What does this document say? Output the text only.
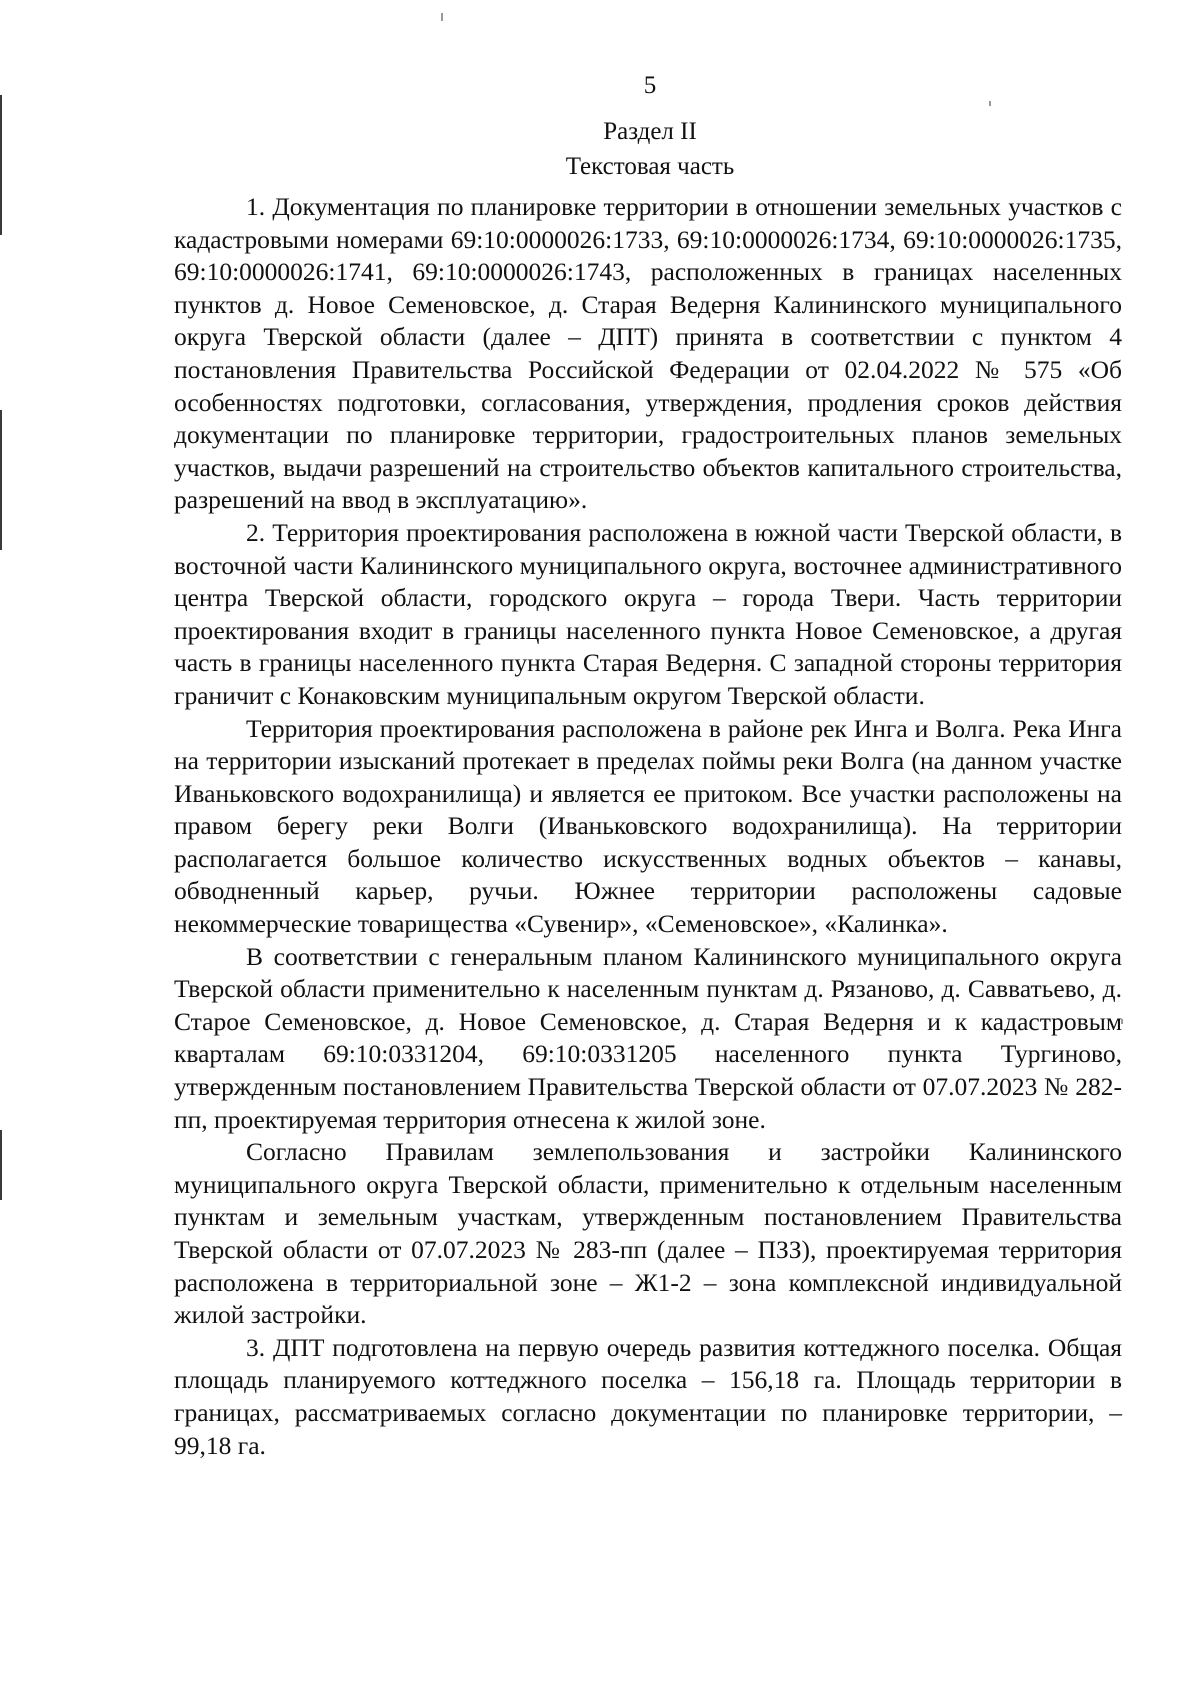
5
Раздел II
Текстовая часть

1. Документация по планировке территории в отношении земельных участков с кадастровыми номерами 69:10:0000026:1733, 69:10:0000026:1734, 69:10:0000026:1735, 69:10:0000026:1741, 69:10:0000026:1743, расположенных в границах населенных пунктов д. Новое Семеновское, д. Старая Ведерня Калининского муниципального округа Тверской области (далее – ДПТ) принята в соответствии с пунктом 4 постановления Правительства Российской Федерации от 02.04.2022 № 575 «Об особенностях подготовки, согласования, утверждения, продления сроков действия документации по планировке территории, градостроительных планов земельных участков, выдачи разрешений на строительство объектов капитального строительства, разрешений на ввод в эксплуатацию».

2. Территория проектирования расположена в южной части Тверской области, в восточной части Калининского муниципального округа, восточнее административного центра Тверской области, городского округа – города Твери. Часть территории проектирования входит в границы населенного пункта Новое Семеновское, а другая часть в границы населенного пункта Старая Ведерня. С западной стороны территория граничит с Конаковским муниципальным округом Тверской области.

Территория проектирования расположена в районе рек Инга и Волга. Река Инга на территории изысканий протекает в пределах поймы реки Волга (на данном участке Иваньковского водохранилища) и является ее притоком. Все участки расположены на правом берегу реки Волги (Иваньковского водохранилища). На территории располагается большое количество искусственных водных объектов – канавы, обводненный карьер, ручьи. Южнее территории расположены садовые некоммерческие товарищества «Сувенир», «Семеновское», «Калинка».

В соответствии с генеральным планом Калининского муниципального округа Тверской области применительно к населенным пунктам д. Рязаново, д. Савватьево, д. Старое Семеновское, д. Новое Семеновское, д. Старая Ведерня и к кадастровым кварталам 69:10:0331204, 69:10:0331205 населенного пункта Тургиново, утвержденным постановлением Правительства Тверской области от 07.07.2023 № 282-пп, проектируемая территория отнесена к жилой зоне.

Согласно Правилам землепользования и застройки Калининского муниципального округа Тверской области, применительно к отдельным населенным пунктам и земельным участкам, утвержденным постановлением Правительства Тверской области от 07.07.2023 № 283-пп (далее – ПЗЗ), проектируемая территория расположена в территориальной зоне – Ж1-2 – зона комплексной индивидуальной жилой застройки.

3. ДПТ подготовлена на первую очередь развития коттеджного поселка. Общая площадь планируемого коттеджного поселка – 156,18 га. Площадь территории в границах, рассматриваемых согласно документации по планировке территории, – 99,18 га.
